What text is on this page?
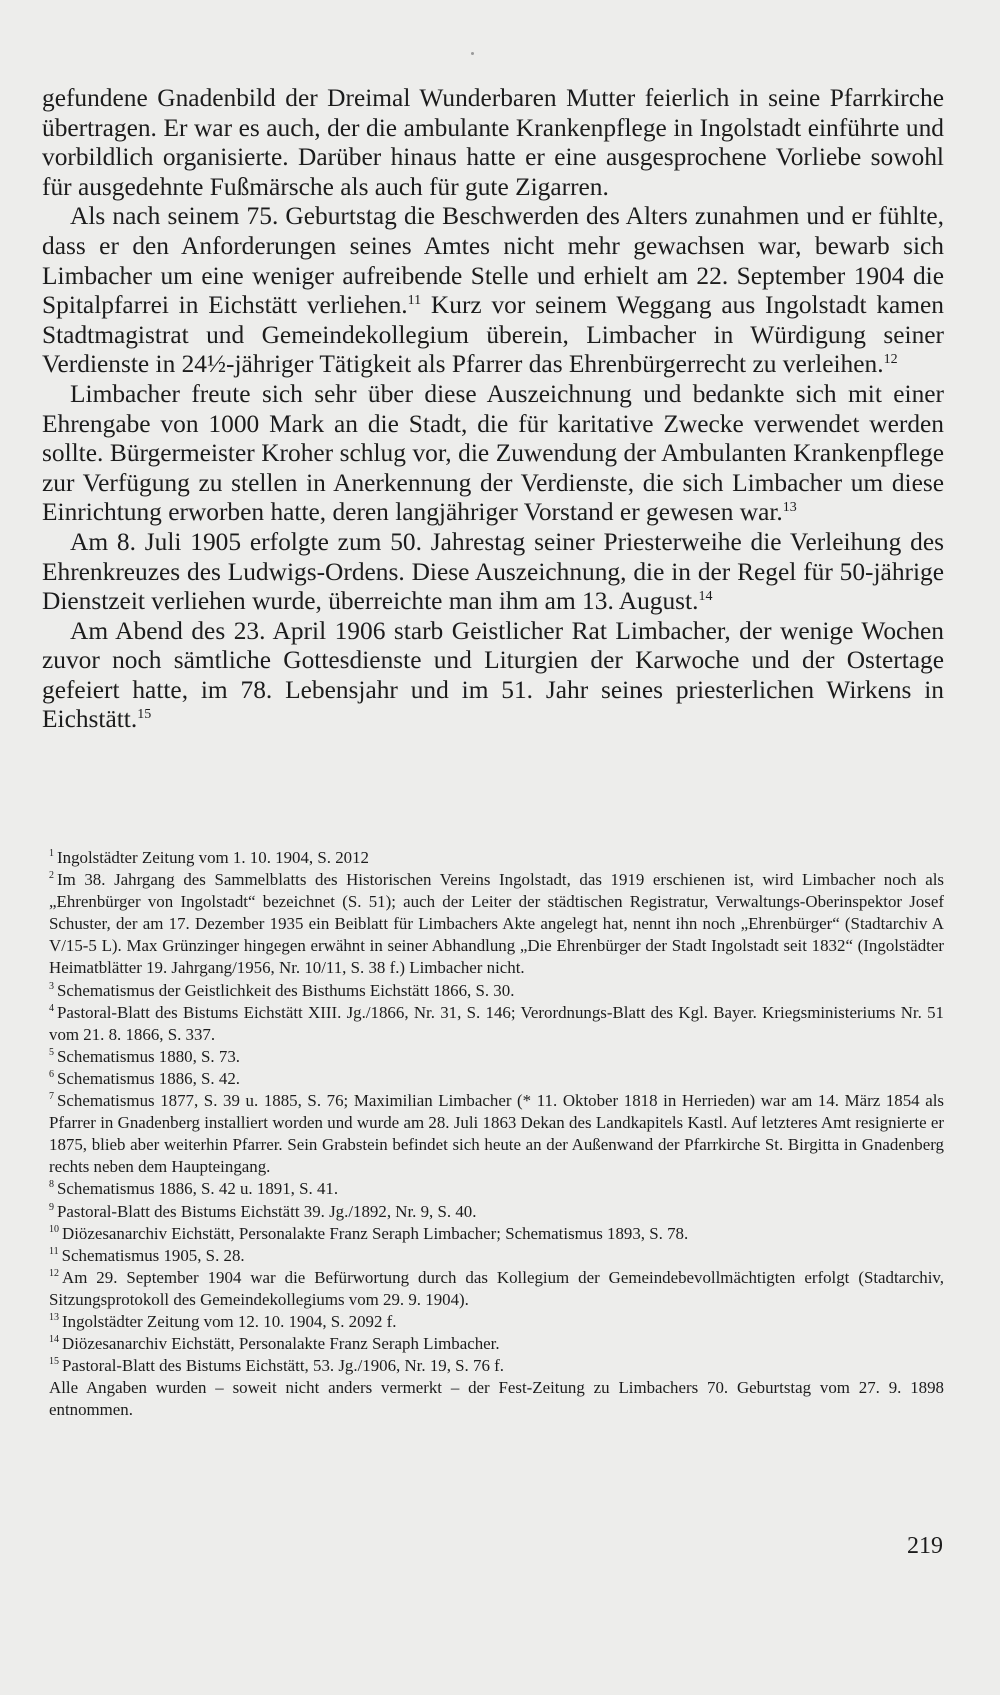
gefundene Gnadenbild der Dreimal Wunderbaren Mutter feierlich in seine Pfarrkirche übertragen. Er war es auch, der die ambulante Krankenpflege in Ingolstadt einführte und vorbildlich organisierte. Darüber hinaus hatte er eine ausgesprochene Vorliebe sowohl für ausgedehnte Fußmärsche als auch für gute Zigarren.

Als nach seinem 75. Geburtstag die Beschwerden des Alters zunahmen und er fühlte, dass er den Anforderungen seines Amtes nicht mehr gewachsen war, bewarb sich Limbacher um eine weniger aufreibende Stelle und erhielt am 22. September 1904 die Spitalpfarrei in Eichstätt verliehen.$^{11}$ Kurz vor seinem Weggang aus Ingolstadt kamen Stadtmagistrat und Gemeindekollegium überein, Limbacher in Würdigung seiner Verdienste in 24½-jähriger Tätigkeit als Pfarrer das Ehrenbürgerrecht zu verleihen.$^{12}$

Limbacher freute sich sehr über diese Auszeichnung und bedankte sich mit einer Ehrengabe von 1000 Mark an die Stadt, die für karitative Zwecke verwendet werden sollte. Bürgermeister Kroher schlug vor, die Zuwendung der Ambulanten Krankenpflege zur Verfügung zu stellen in Anerkennung der Verdienste, die sich Limbacher um diese Einrichtung erworben hatte, deren langjähriger Vorstand er gewesen war.$^{13}$

Am 8. Juli 1905 erfolgte zum 50. Jahrestag seiner Priesterweihe die Verleihung des Ehrenkreuzes des Ludwigs-Ordens. Diese Auszeichnung, die in der Regel für 50-jährige Dienstzeit verliehen wurde, überreichte man ihm am 13. August.$^{14}$

Am Abend des 23. April 1906 starb Geistlicher Rat Limbacher, der wenige Wochen zuvor noch sämtliche Gottesdienste und Liturgien der Karwoche und der Ostertage gefeiert hatte, im 78. Lebensjahr und im 51. Jahr seines priesterlichen Wirkens in Eichstätt.$^{15}$

$^1$ Ingolstädter Zeitung vom 1. 10. 1904, S. 2012
$^2$ Im 38. Jahrgang des Sammelblatts des Historischen Vereins Ingolstadt, das 1919 erschienen ist, wird Limbacher noch als „Ehrenbürger von Ingolstadt“ bezeichnet (S. 51); auch der Leiter der städtischen Registratur, Verwaltungs-Oberinspektor Josef Schuster, der am 17. Dezember 1935 ein Beiblatt für Limbachers Akte angelegt hat, nennt ihn noch „Ehrenbürger“ (Stadtarchiv A V/15-5 L). Max Grünzinger hingegen erwähnt in seiner Abhandlung „Die Ehrenbürger der Stadt Ingolstadt seit 1832“ (Ingolstädter Heimatblätter 19. Jahrgang/1956, Nr. 10/11, S. 38 f.) Limbacher nicht.
$^3$ Schematismus der Geistlichkeit des Bisthums Eichstätt 1866, S. 30.
$^4$ Pastoral-Blatt des Bistums Eichstätt XIII. Jg./1866, Nr. 31, S. 146; Verordnungs-Blatt des Kgl. Bayer. Kriegsministeriums Nr. 51 vom 21. 8. 1866, S. 337.
$^5$ Schematismus 1880, S. 73.
$^6$ Schematismus 1886, S. 42.
$^7$ Schematismus 1877, S. 39 u. 1885, S. 76; Maximilian Limbacher (* 11. Oktober 1818 in Herrieden) war am 14. März 1854 als Pfarrer in Gnadenberg installiert worden und wurde am 28. Juli 1863 Dekan des Landkapitels Kastl. Auf letzteres Amt resignierte er 1875, blieb aber weiterhin Pfarrer. Sein Grabstein befindet sich heute an der Außenwand der Pfarrkirche St. Birgitta in Gnadenberg rechts neben dem Haupteingang.
$^8$ Schematismus 1886, S. 42 u. 1891, S. 41.
$^9$ Pastoral-Blatt des Bistums Eichstätt 39. Jg./1892, Nr. 9, S. 40.
$^{10}$ Diözesanarchiv Eichstätt, Personalakte Franz Seraph Limbacher; Schematismus 1893, S. 78.
$^{11}$ Schematismus 1905, S. 28.
$^{12}$ Am 29. September 1904 war die Befürwortung durch das Kollegium der Gemeindebevollmächtigten erfolgt (Stadtarchiv, Sitzungsprotokoll des Gemeindekollegiums vom 29. 9. 1904).
$^{13}$ Ingolstädter Zeitung vom 12. 10. 1904, S. 2092 f.
$^{14}$ Diözesanarchiv Eichstätt, Personalakte Franz Seraph Limbacher.
$^{15}$ Pastoral-Blatt des Bistums Eichstätt, 53. Jg./1906, Nr. 19, S. 76 f.
Alle Angaben wurden – soweit nicht anders vermerkt – der Fest-Zeitung zu Limbachers 70. Geburtstag vom 27. 9. 1898 entnommen.
219
